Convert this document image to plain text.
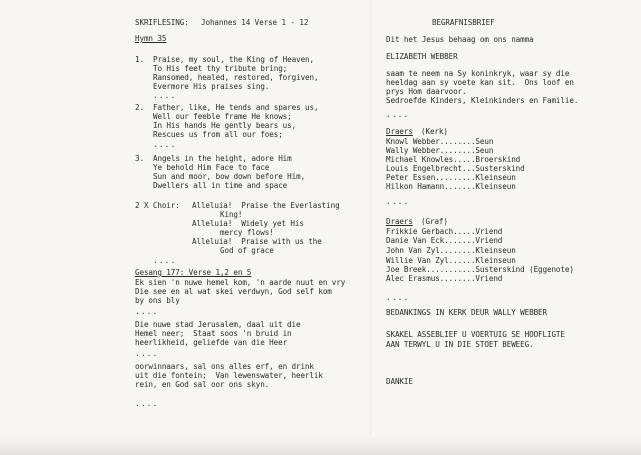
SKRIFLESING: Johannes 14 Verse 1 - 12
Hymn 35
1. Praise, my soul, the King of Heaven,
To His feet thy tribute bring;
Ransomed, healed, restored, forgiven,
Evermore His praises sing.
....
2. Father, like, He tends and spares us,
Well our feeble frame He knows;
In His hands He gently bears us,
Rescues us from all our foes;
....
3. Angels in the height, adore Him
Ye behold Him Face to face
Sun and moor, bow down before Him,
Dwellers all in time and space
2 X Choir: Alleluia!  Praise the Everlasting
King!
Alleluia!  Widely yet His
mercy flows!
Alleluia!  Praise with us the
God of grace
....
Gesang 177: Verse 1,2 en 5
Ek sien 'n nuwe hemel kom, 'n aarde nuut en vry
Die see en al wat skei verdwyn, God self kom
by ons bly
....
Die nuwe stad Jerusalem, daal uit die
Hemel neer;  Staat soos 'n bruid in
heerlikheid, geliefde van die Heer
....
oorwinnaars, sal ons alles erf, en drink
uit die fontein;  Van lewenswater, heerlik
rein, en God sal oor ons skyn.
....
BEGRAFNISBRIEF
Dit het Jesus behaag om ons namma
ELIZABETH WEBBER
saam te neem na Sy koninkryk, waar sy die
heeldag aan sy voete kan sit.  Ons loof en
prys Hom daarvoor.
Sedroefde Kinders, Kleinkinders en Familie.
....
Draers (Kerk)
Knowl Webber........Seun
Wally Webber........Seun
Michael Knowles.....Broerskind
Louis Engelbrecht...Susterskind
Peter Essen.........Kleinseun
Hilkon Hamann.......Kleinseun
....
Draers (Graf)
Frikkie Gerbach.....Vriend
Danie Van Eck.......Vriend
John Van Zyl........Kleinseun
Willie Van Zyl......Kleinseun
Joe Breek...........Susterskind (Eggenote)
Alec Erasmus........Vriend
....
BEDANKINGS IN KERK DEUR WALLY WEBBER
SKAKEL ASSEBLIEF U VOERTUIG SE HOOFLIGTE
AAN TERWYL U IN DIE STOET BEWEEG.
DANKIE
